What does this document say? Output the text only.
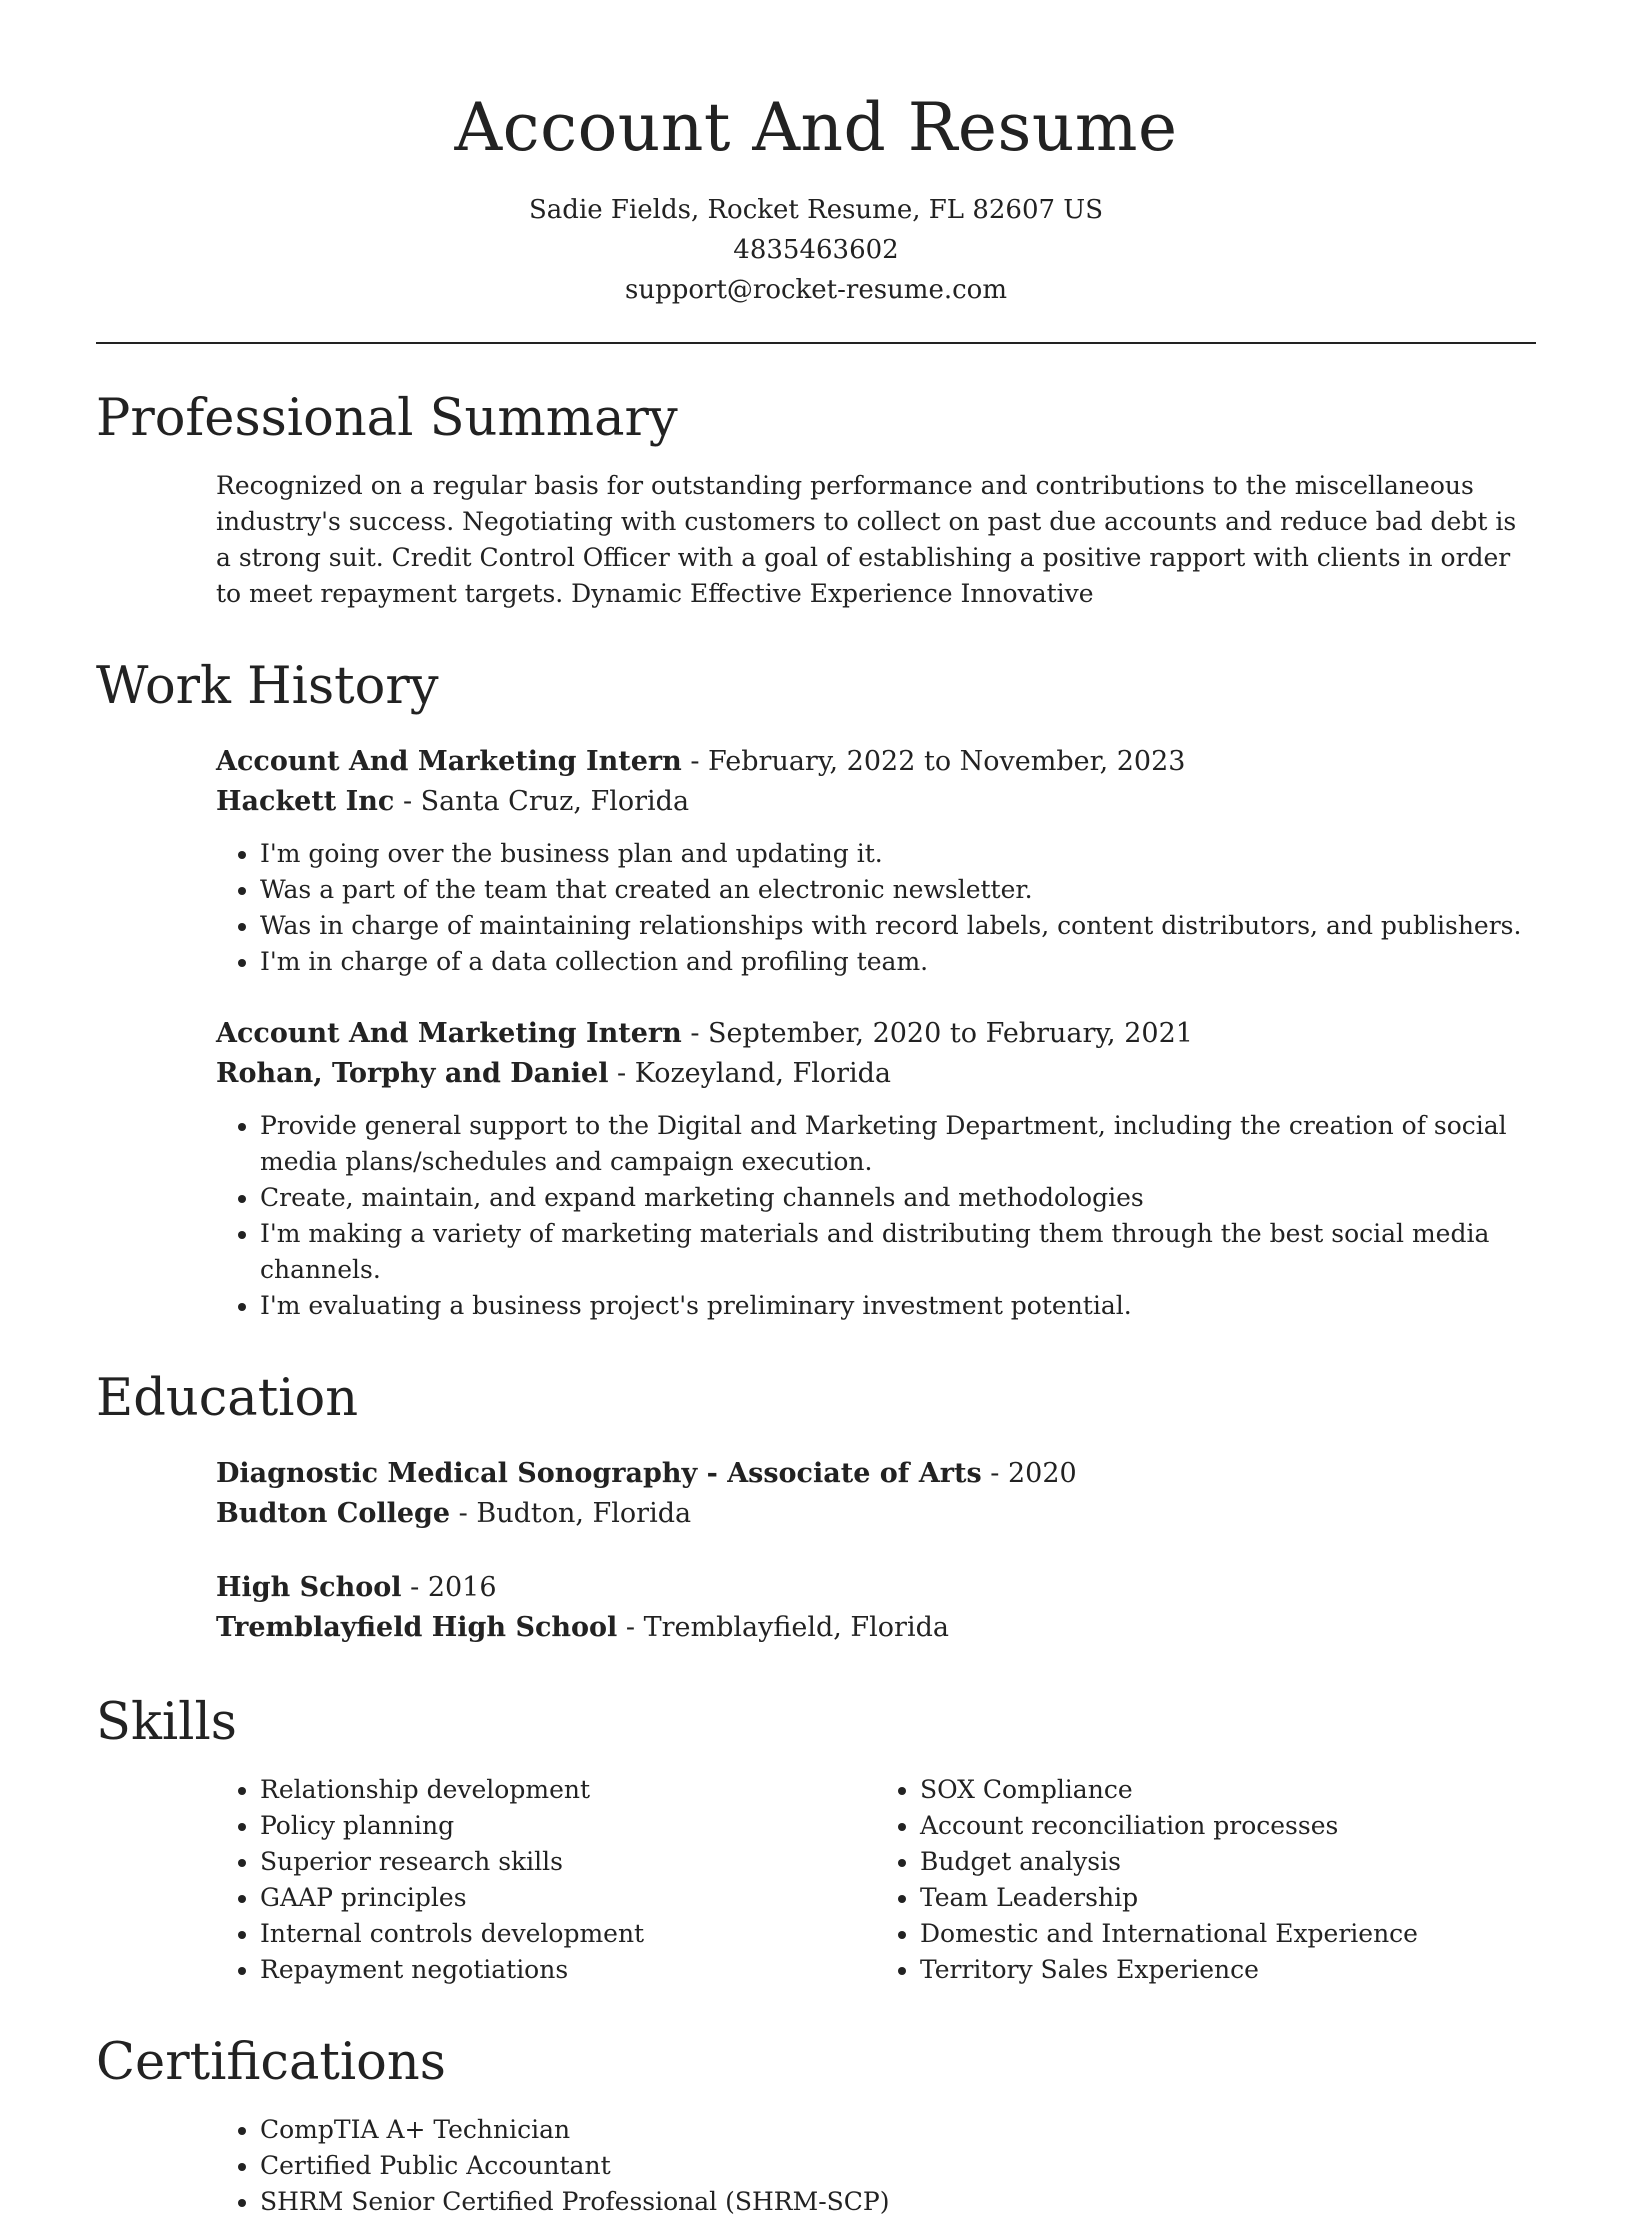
Account And Resume

Sadie Fields, Rocket Resume, FL 82607 US

4835463602

support@rocket-resume.com

Professional Summary

Recognized on a regular basis for outstanding performance and contributions to the miscellaneous industry's success. Negotiating with customers to collect on past due accounts and reduce bad debt is a strong suit. Credit Control Officer with a goal of establishing a positive rapport with clients in order to meet repayment targets. Dynamic Effective Experience Innovative

Work History

Account And Marketing Intern - February, 2022 to November, 2023

Hackett Inc - Santa Cruz, Florida

• I'm going over the business plan and updating it.
• Was a part of the team that created an electronic newsletter.
• Was in charge of maintaining relationships with record labels, content distributors, and publishers.
• I'm in charge of a data collection and profiling team.

Account And Marketing Intern - September, 2020 to February, 2021

Rohan, Torphy and Daniel - Kozeyland, Florida

• Provide general support to the Digital and Marketing Department, including the creation of social media plans/schedules and campaign execution.
• Create, maintain, and expand marketing channels and methodologies
• I'm making a variety of marketing materials and distributing them through the best social media channels.
• I'm evaluating a business project's preliminary investment potential.
Education

Diagnostic Medical Sonography - Associate of Arts - 2020

Budton College - Budton, Florida

High School - 2016

Tremblayfield High School - Tremblayfield, Florida

Skills
• Relationship development
• Policy planning
• Superior research skills
• GAAP principles
• Internal controls development
• Repayment negotiations
• SOX Compliance
• Account reconciliation processes
• Budget analysis
• Team Leadership
• Domestic and International Experience
• Territory Sales Experience
Certifications
• CompTIA A+ Technician
• Certified Public Accountant
• SHRM Senior Certified Professional (SHRM-SCP)
